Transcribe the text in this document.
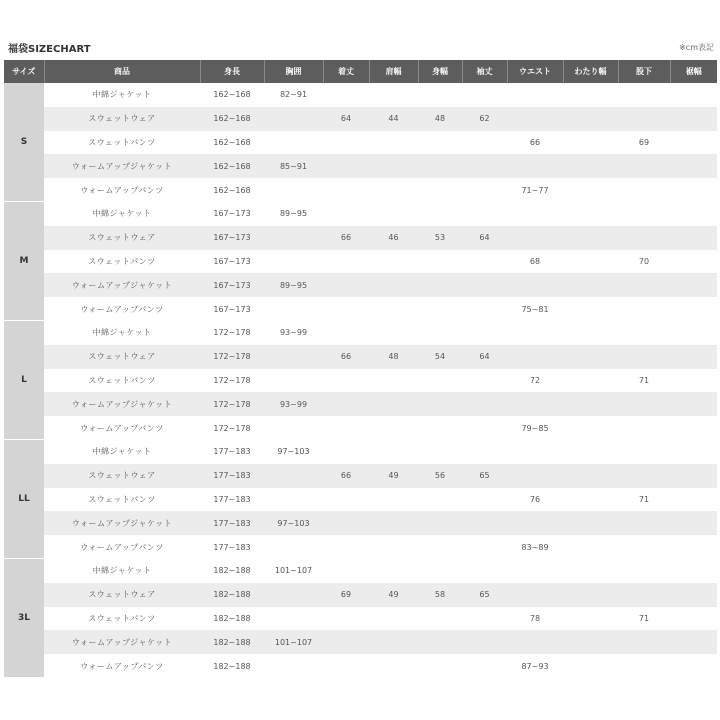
福袋SIZECHART	※cm表記
サイズ	商品	身長	胸囲	着丈	肩幅	身幅	袖丈	ウエスト	わたり幅	股下	裾幅
S	中綿ジャケット	162~168	82~91								
	スウェットウェア	162~168		64	44	48	62				
	スウェットパンツ	162~168						66		69	
	ウォームアップジャケット	162~168	85~91								
	ウォームアップパンツ	162~168						71~77			
M	中綿ジャケット	167~173	89~95								
	スウェットウェア	167~173		66	46	53	64				
	スウェットパンツ	167~173						68		70	
	ウォームアップジャケット	167~173	89~95								
	ウォームアップパンツ	167~173						75~81			
L	中綿ジャケット	172~178	93~99								
	スウェットウェア	172~178		66	48	54	64				
	スウェットパンツ	172~178						72		71	
	ウォームアップジャケット	172~178	93~99								
	ウォームアップパンツ	172~178						79~85			
LL	中綿ジャケット	177~183	97~103								
	スウェットウェア	177~183		66	49	56	65				
	スウェットパンツ	177~183						76		71	
	ウォームアップジャケット	177~183	97~103								
	ウォームアップパンツ	177~183						83~89			
3L	中綿ジャケット	182~188	101~107								
	スウェットウェア	182~188		69	49	58	65				
	スウェットパンツ	182~188						78		71	
	ウォームアップジャケット	182~188	101~107								
	ウォームアップパンツ	182~188						87~93			
